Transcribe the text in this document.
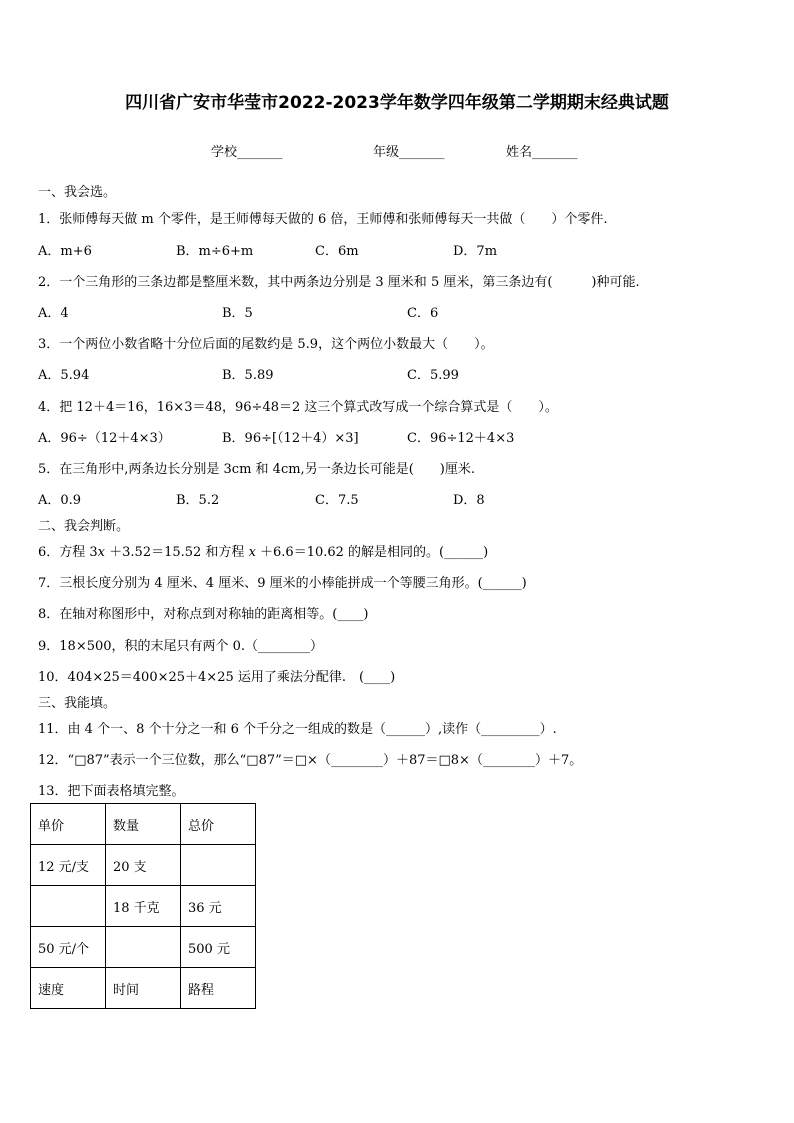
四川省广安市华莹市2022-2023学年数学四年级第二学期期末经典试题
学校_______	年级_______	姓名_______
一、我会选。
1．张师傅每天做 m 个零件，是王师傅每天做的 6 倍，王师傅和张师傅每天一共做（　　）个零件.
A．m+6	B．m÷6+m	C．6m	D．7m
2．一个三角形的三条边都是整厘米数，其中两条边分别是 3 厘米和 5 厘米，第三条边有(　　　)种可能.
A．4	B．5	C．6
3．一个两位小数省略十分位后面的尾数约是 5.9，这个两位小数最大（　　）。
A．5.94	B．5.89	C．5.99
4．把 12＋4＝16，16×3＝48，96÷48＝2 这三个算式改写成一个综合算式是（　　）。
A．96÷（12＋4×3）	B．96÷[（12＋4）×3]	C．96÷12＋4×3
5．在三角形中,两条边长分别是 3cm 和 4cm,另一条边长可能是(　　)厘米.
A．0.9	B．5.2	C．7.5	D．8
二、我会判断。
6．方程 3𝑥 ＋3.52＝15.52 和方程 𝑥 ＋6.6＝10.62 的解是相同的。(______)
7．三根长度分别为 4 厘米、4 厘米、9 厘米的小棒能拼成一个等腰三角形。(______)
8．在轴对称图形中，对称点到对称轴的距离相等。(____)
9．18×500，积的末尾只有两个 0.（________）
10．404×25＝400×25＋4×25 运用了乘法分配律.　(____)
三、我能填。
11．由 4 个一、8 个十分之一和 6 个千分之一组成的数是（______）,读作（_________）.
12．“□87”表示一个三位数，那么“□87”＝□×（________）＋87＝□8×（________）＋7。
13．把下面表格填完整。
单价	数量	总价
12 元/支	20 支	
	18 千克	36 元
50 元/个		500 元
速度	时间	路程
